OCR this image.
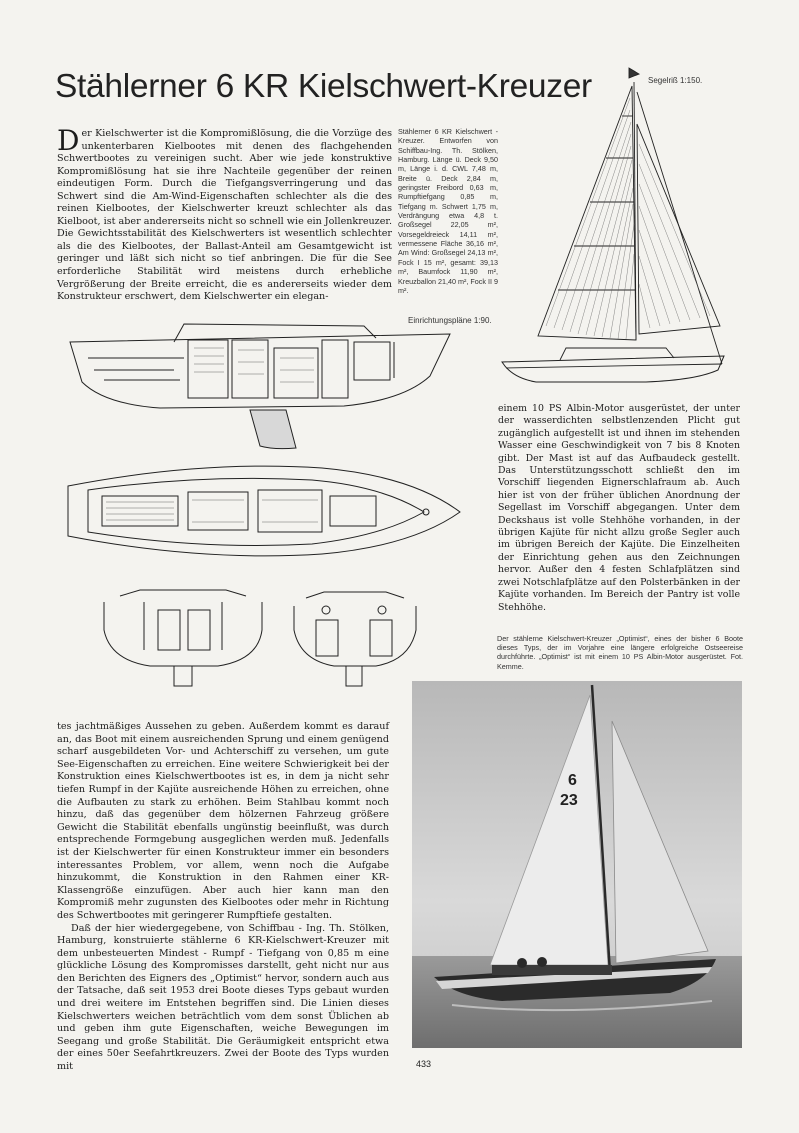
Stählerner 6 KR Kielschwert-Kreuzer	Segelriß 1:150.
Der Kielschwerter ist die Kompromißlösung, die die Vorzüge des unkenterbaren Kielbootes mit denen des flachgehenden Schwertbootes zu vereinigen sucht. Aber wie jede konstruktive Kompromißlösung hat sie ihre Nachteile gegenüber der reinen eindeutigen Form. Durch die Tiefgangsverringerung und das Schwert sind die Am-Wind-Eigenschaften schlechter als die des reinen Kielbootes, der Kielschwerter kreuzt schlechter als das Kielboot, ist aber andererseits nicht so schnell wie ein Jollenkreuzer. Die Gewichtsstabilität des Kielschwerters ist wesentlich schlechter als die des Kielbootes, der Ballast-Anteil am Gesamtgewicht ist geringer und läßt sich nicht so tief anbringen. Die für die See erforderliche Stabilität wird meistens durch erhebliche Vergrößerung der Breite erreicht, die es andererseits wieder dem Konstrukteur erschwert, dem Kielschwerter ein elegan-
Stählerner 6 KR Kielschwert - Kreuzer. Entworfen von Schiffbau-Ing. Th. Stölken, Hamburg. Länge ü. Deck 9,50 m, Länge i. d. CWL 7,48 m, Breite ü. Deck 2,84 m, geringster Freibord 0,63 m, Rumpftiefgang 0,85 m, Tiefgang m. Schwert 1,75 m, Verdrängung etwa 4,8 t. Großsegel 22,05 m², Vorsegeldreieck 14,11 m², vermessene Fläche 36,16 m², Am Wind: Großsegel 24,13 m², Fock I 15 m², gesamt: 39,13 m², Baumfock 11,90 m², Kreuzballon 21,40 m², Fock II 9 m².
Einrichtungspläne 1:90.
einem 10 PS Albin-Motor ausgerüstet, der unter der wasserdichten selbstlenzenden Plicht gut zugänglich aufgestellt ist und ihnen im stehenden Wasser eine Geschwindigkeit von 7 bis 8 Knoten gibt. Der Mast ist auf das Aufbaudeck gestellt. Das Unterstützungsschott schließt den im Vorschiff liegenden Eignerschlafraum ab. Auch hier ist von der früher üblichen Anordnung der Segellast im Vorschiff abgegangen. Unter dem Deckshaus ist volle Stehhöhe vorhanden, in der übrigen Kajüte für nicht allzu große Segler auch im übrigen Bereich der Kajüte. Die Einzelheiten der Einrichtung gehen aus den Zeichnungen hervor. Außer den 4 festen Schlafplätzen sind zwei Notschlafplätze auf den Polsterbänken in der Kajüte vorhanden. Im Bereich der Pantry ist volle Stehhöhe.
Der stählerne Kielschwert-Kreuzer „Optimist“, eines der bisher 6 Boote dieses Typs, der im Vorjahre eine längere erfolgreiche Ostseereise durchführte. „Optimist“ ist mit einem 10 PS Albin-Motor ausgerüstet. Fot. Kemme.
6
23

tes jachtmäßiges Aussehen zu geben. Außerdem kommt es darauf an, das Boot mit einem ausreichenden Sprung und einem genügend scharf ausgebildeten Vor- und Achterschiff zu versehen, um gute See-Eigenschaften zu erreichen. Eine weitere Schwierigkeit bei der Konstruktion eines Kielschwertbootes ist es, in dem ja nicht sehr tiefen Rumpf in der Kajüte ausreichende Höhen zu erreichen, ohne die Aufbauten zu stark zu erhöhen. Beim Stahlbau kommt noch hinzu, daß das gegenüber dem hölzernen Fahrzeug größere Gewicht die Stabilität ebenfalls ungünstig beeinflußt, was durch entsprechende Formgebung ausgeglichen werden muß. Jedenfalls ist der Kielschwerter für einen Konstrukteur immer ein besonders interessantes Problem, vor allem, wenn noch die Aufgabe hinzukommt, die Konstruktion in den Rahmen einer KR-Klassengröße einzufügen. Aber auch hier kann man den Kompromiß mehr zugunsten des Kielbootes oder mehr in Richtung des Schwertbootes mit geringerer Rumpftiefe gestalten.

Daß der hier wiedergegebene, von Schiffbau - Ing. Th. Stölken, Hamburg, konstruierte stählerne 6 KR-Kielschwert-Kreuzer mit dem unbesteuerten Mindest - Rumpf - Tiefgang von 0,85 m eine glückliche Lösung des Kompromisses darstellt, geht nicht nur aus den Berichten des Eigners des „Optimist“ hervor, sondern auch aus der Tatsache, daß seit 1953 drei Boote dieses Typs gebaut wurden und drei weitere im Entstehen begriffen sind. Die Linien dieses Kielschwerters weichen beträchtlich vom dem sonst Üblichen ab und geben ihm gute Eigenschaften, weiche Bewegungen im Seegang und große Stabilität. Die Geräumigkeit entspricht etwa der eines 50er Seefahrtkreuzers. Zwei der Boote des Typs wurden mit	433
